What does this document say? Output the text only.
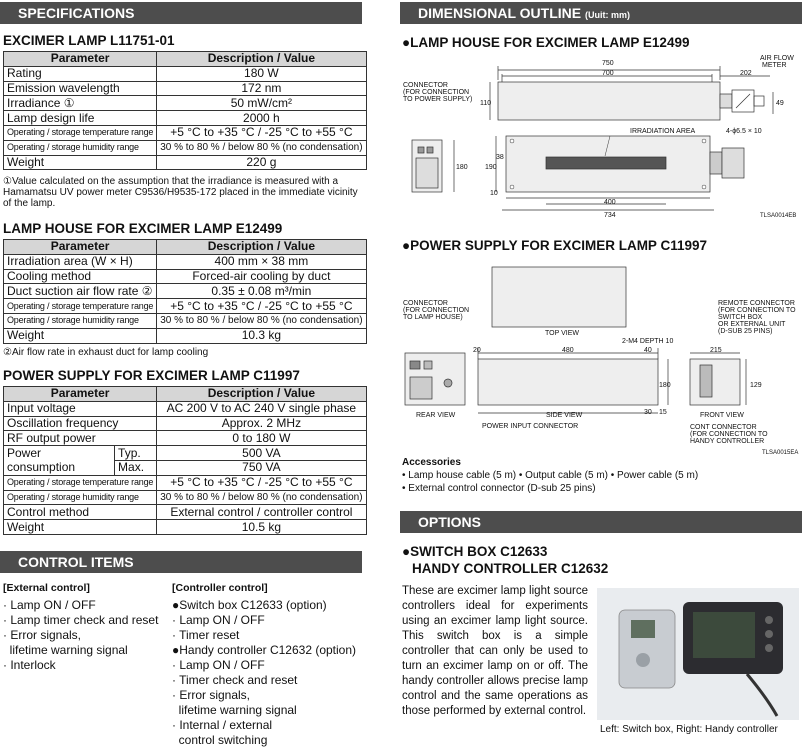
SPECIFICATIONS
EXCIMER LAMP L11751-01
Parameter	Description / Value
Rating	180 W
Emission wavelength	172 nm
Irradiance ①	50 mW/cm²
Lamp design life	2000 h
Operating / storage temperature range	+5 °C to +35 °C / -25 °C to +55 °C
Operating / storage humidity range	30 % to 80 % / below 80 % (no condensation)
Weight	220 g
①Value calculated on the assumption that the irradiance is measured with a Hamamatsu UV power meter C9536/H9535-172 placed in the immediate vicinity of the lamp.
LAMP HOUSE FOR EXCIMER LAMP E12499
Parameter	Description / Value
Irradiation area (W × H)	400 mm × 38 mm
Cooling method	Forced-air cooling by duct
Duct suction air flow rate ②	0.35 ± 0.08 m³/min
Operating / storage temperature range	+5 °C to +35 °C / -25 °C to +55 °C
Operating / storage humidity range	30 % to 80 % / below 80 % (no condensation)
Weight	10.3 kg
②Air flow rate in exhaust duct for lamp cooling
POWER SUPPLY FOR EXCIMER LAMP C11997
Parameter		Description / Value
Input voltage		AC 200 V to AC 240 V single phase
Oscillation frequency		Approx. 2 MHz
RF output power		0 to 180 W

Power
consumption	Typ.	500 VA
	Max.	750 VA
Operating / storage temperature range		+5 °C to +35 °C / -25 °C to +55 °C
Operating / storage humidity range		30 % to 80 % / below 80 % (no condensation)
Control method		External control / controller control
Weight		10.5 kg
CONTROL ITEMS
[External control]
· Lamp ON / OFF
· Lamp timer check and reset
· Error signals,
lifetime warning signal
· Interlock
[Controller control]
●Switch box C12633 (option)
· Lamp ON / OFF
· Timer reset
●Handy controller C12632 (option)
· Lamp ON / OFF
· Timer check and reset
· Error signals,
lifetime warning signal
· Internal / external
control switching
DIMENSIONAL OUTLINE (Uuit: mm)
●LAMP HOUSE FOR EXCIMER LAMP E12499
CONNECTOR
(FOR CONNECTION
TO POWER SUPPLY)
AIR FLOW
METER
IRRADIATION AREA	4-ϕ6.5 × 10
750
700	202
110	49
180 190
10
38
400
734	TLSA0014EB
●POWER SUPPLY FOR EXCIMER LAMP C11997
CONNECTOR
(FOR CONNECTION
TO LAMP HOUSE)
TOP VIEW
REMOTE CONNECTOR
(FOR CONNECTION TO
SWITCH BOX
OR EXTERNAL UNIT
(D-SUB 25 PINS)
2-M4 DEPTH 10
20	480	40	215
180	129
15
30
REAR VIEW	SIDE VIEW	FRONT VIEW
POWER INPUT CONNECTOR	CONT CONNECTOR
(FOR CONNECTION TO
HANDY CONTROLLER
TLSA0015EA
Accessories
• Lamp house cable (5 m) • Output cable (5 m) • Power cable (5 m)
• External control connector (D-sub 25 pins)
OPTIONS
●SWITCH BOX C12633
HANDY CONTROLLER C12632
These are excimer lamp light source controllers ideal for experiments using an excimer lamp light source. This switch box is a simple controller that can only be used to turn an excimer lamp on or off. The handy controller allows precise lamp control and the same operations as those performed by external control.
Left: Switch box, Right: Handy controller
